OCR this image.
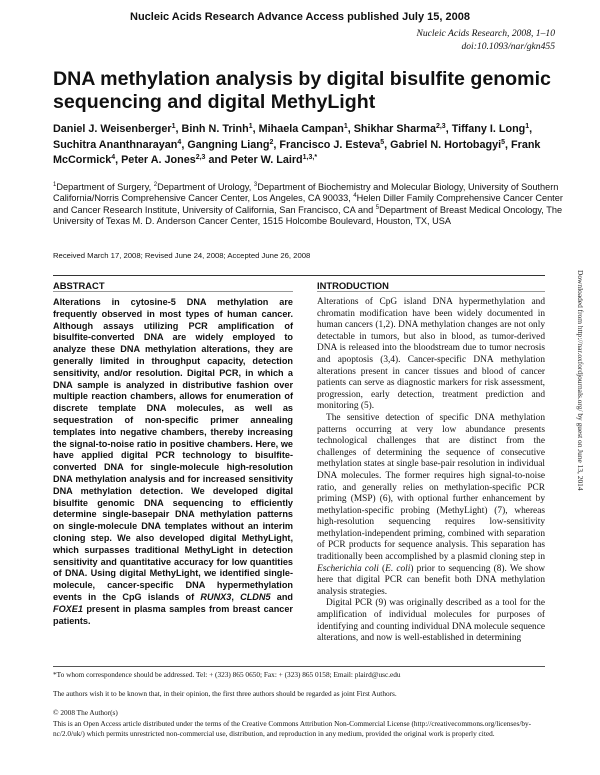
Nucleic Acids Research Advance Access published July 15, 2008
Nucleic Acids Research, 2008, 1–10
doi:10.1093/nar/gkn455
DNA methylation analysis by digital bisulfite genomic sequencing and digital MethyLight
Daniel J. Weisenberger$^1$, Binh N. Trinh$^1$, Mihaela Campan$^1$, Shikhar Sharma$^{2,3}$, Tiffany I. Long$^1$, Suchitra Ananthnarayan$^4$, Gangning Liang$^2$, Francisco J. Esteva$^5$, Gabriel N. Hortobagyi$^5$, Frank McCormick$^4$, Peter A. Jones$^{2,3}$ and Peter W. Laird$^{1,3,*}$
$^1$Department of Surgery, $^2$Department of Urology, $^3$Department of Biochemistry and Molecular Biology, University of Southern California/Norris Comprehensive Cancer Center, Los Angeles, CA 90033, $^4$Helen Diller Family Comprehensive Cancer Center and Cancer Research Institute, University of California, San Francisco, CA and $^5$Department of Breast Medical Oncology, The University of Texas M. D. Anderson Cancer Center, 1515 Holcombe Boulevard, Houston, TX, USA
Received March 17, 2008; Revised June 24, 2008; Accepted June 26, 2008
ABSTRACT
Alterations in cytosine-5 DNA methylation are frequently observed in most types of human cancer. Although assays utilizing PCR amplification of bisulfite-converted DNA are widely employed to analyze these DNA methylation alterations, they are generally limited in throughput capacity, detection sensitivity, and/or resolution. Digital PCR, in which a DNA sample is analyzed in distributive fashion over multiple reaction chambers, allows for enumeration of discrete template DNA molecules, as well as sequestration of non-specific primer annealing templates into negative chambers, thereby increasing the signal-to-noise ratio in positive chambers. Here, we have applied digital PCR technology to bisulfite-converted DNA for single-molecule high-resolution DNA methylation analysis and for increased sensitivity DNA methylation detection. We developed digital bisulfite genomic DNA sequencing to efficiently determine single-basepair DNA methylation patterns on single-molecule DNA templates without an interim cloning step. We also developed digital MethyLight, which surpasses traditional MethyLight in detection sensitivity and quantitative accuracy for low quantities of DNA. Using digital MethyLight, we identified single-molecule, cancer-specific DNA hypermethylation events in the CpG islands of RUNX3, CLDN5 and FOXE1 present in plasma samples from breast cancer patients.
INTRODUCTION

Alterations of CpG island DNA hypermethylation and chromatin modification have been widely documented in human cancers (1,2). DNA methylation changes are not only detectable in tumors, but also in blood, as tumor-derived DNA is released into the bloodstream due to tumor necrosis and apoptosis (3,4). Cancer-specific DNA methylation alterations present in cancer tissues and blood of cancer patients can serve as diagnostic markers for risk assessment, progression, early detection, treatment prediction and monitoring (5).

The sensitive detection of specific DNA methylation patterns occurring at very low abundance presents technological challenges that are distinct from the challenges of determining the sequence of consecutive methylation states at single base-pair resolution in individual DNA molecules. The former requires high signal-to-noise ratio, and generally relies on methylation-specific PCR priming (MSP) (6), with optional further enhancement by methylation-specific probing (MethyLight) (7), whereas high-resolution sequencing requires low-sensitivity methylation-independent priming, combined with separation of PCR products for sequence analysis. This separation has traditionally been accomplished by a plasmid cloning step in Escherichia coli (E. coli) prior to sequencing (8). We show here that digital PCR can benefit both DNA methylation analysis strategies.

Digital PCR (9) was originally described as a tool for the amplification of individual molecules for purposes of identifying and counting individual DNA molecule sequence alterations, and now is well-established in determining

Downloaded from http://nar.oxfordjournals.org/ by guest on June 13, 2014
*To whom correspondence should be addressed. Tel: + (323) 865 0650; Fax: + (323) 865 0158; Email: plaird@usc.edu
The authors wish it to be known that, in their opinion, the first three authors should be regarded as joint First Authors.
© 2008 The Author(s)
This is an Open Access article distributed under the terms of the Creative Commons Attribution Non-Commercial License (http://creativecommons.org/licenses/by-nc/2.0/uk/) which permits unrestricted non-commercial use, distribution, and reproduction in any medium, provided the original work is properly cited.
